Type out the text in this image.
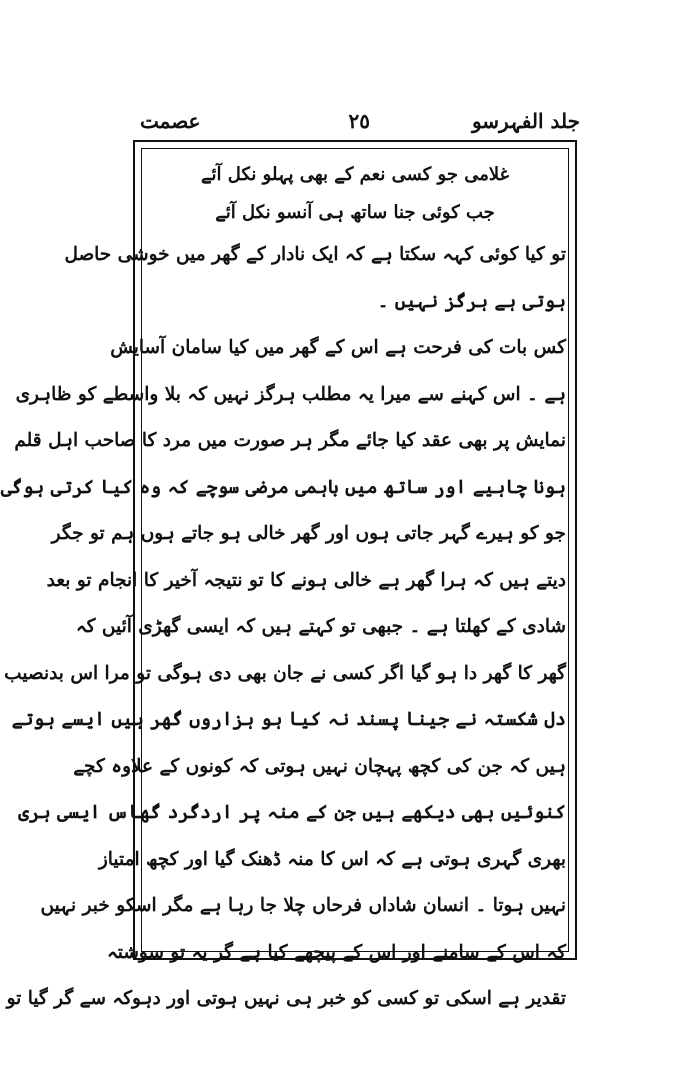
جلد الفہرسو
٢٥
عصمت
غلامی جو کسی نعم کے بھی پہلو نکل آئے
جب کوئی جنا ساتھ ہی آنسو نکل آئے
تو کیا کوئی کہہ سکتا ہے کہ ایک نادار کے گھر میں خوشی حاصل
ہوتی ہے ہرگز نہیں ۔
کس بات کی فرحت ہے اس کے گھر میں کیا سامان آسایش
ہے ۔ اس کہنے سے میرا یہ مطلب ہرگز نہیں کہ بلا واسطے کو ظاہری
نمایش پر بھی عقد کیا جائے مگر ہر صورت میں مرد کا صاحب اہل قلم
ہونا چاہیے اور ساتھ میں باہمی مرضی سوچے کہ وہ کیا کرتی ہوگی
جو کو ہیرے گہر جاتی ہوں اور گھر خالی ہو جاتے ہوں ہم تو جگر
دیتے ہیں کہ ہرا گھر ہے خالی ہونے کا تو نتیجہ آخیر کا انجام تو بعد
شادی کے کھلتا ہے ۔ جبھی تو کہتے ہیں کہ ایسی گھڑی آئیں کہ
گھر کا گھر دا ہو گیا اگر کسی نے جان بھی دی ہوگی تو مرا اس بدنصیب
دل شکستہ نے جینا پسند نہ کیا ہو ہزاروں گھر ہیں ایسے ہوتے
ہیں کہ جن کی کچھ پہچان نہیں ہوتی کہ کونوں کے علاوہ کچے
کنوئیں بھی دیکھے ہیں جن کے منہ پر اردگرد گھاس ایسی ہری
بھری گہری ہوتی ہے کہ اس کا منہ ڈھنک گیا اور کچھ امتیاز
نہیں ہوتا ۔ انسان شاداں فرحاں چلا جا رہا ہے مگر اسکو خبر نہیں
کہ اس کے سامنے اور اس کے پیچھے کیا ہے گر یہ تو سوشتہ
تقدیر ہے اسکی تو کسی کو خبر ہی نہیں ہوتی اور دہوکہ سے گر گیا تو
